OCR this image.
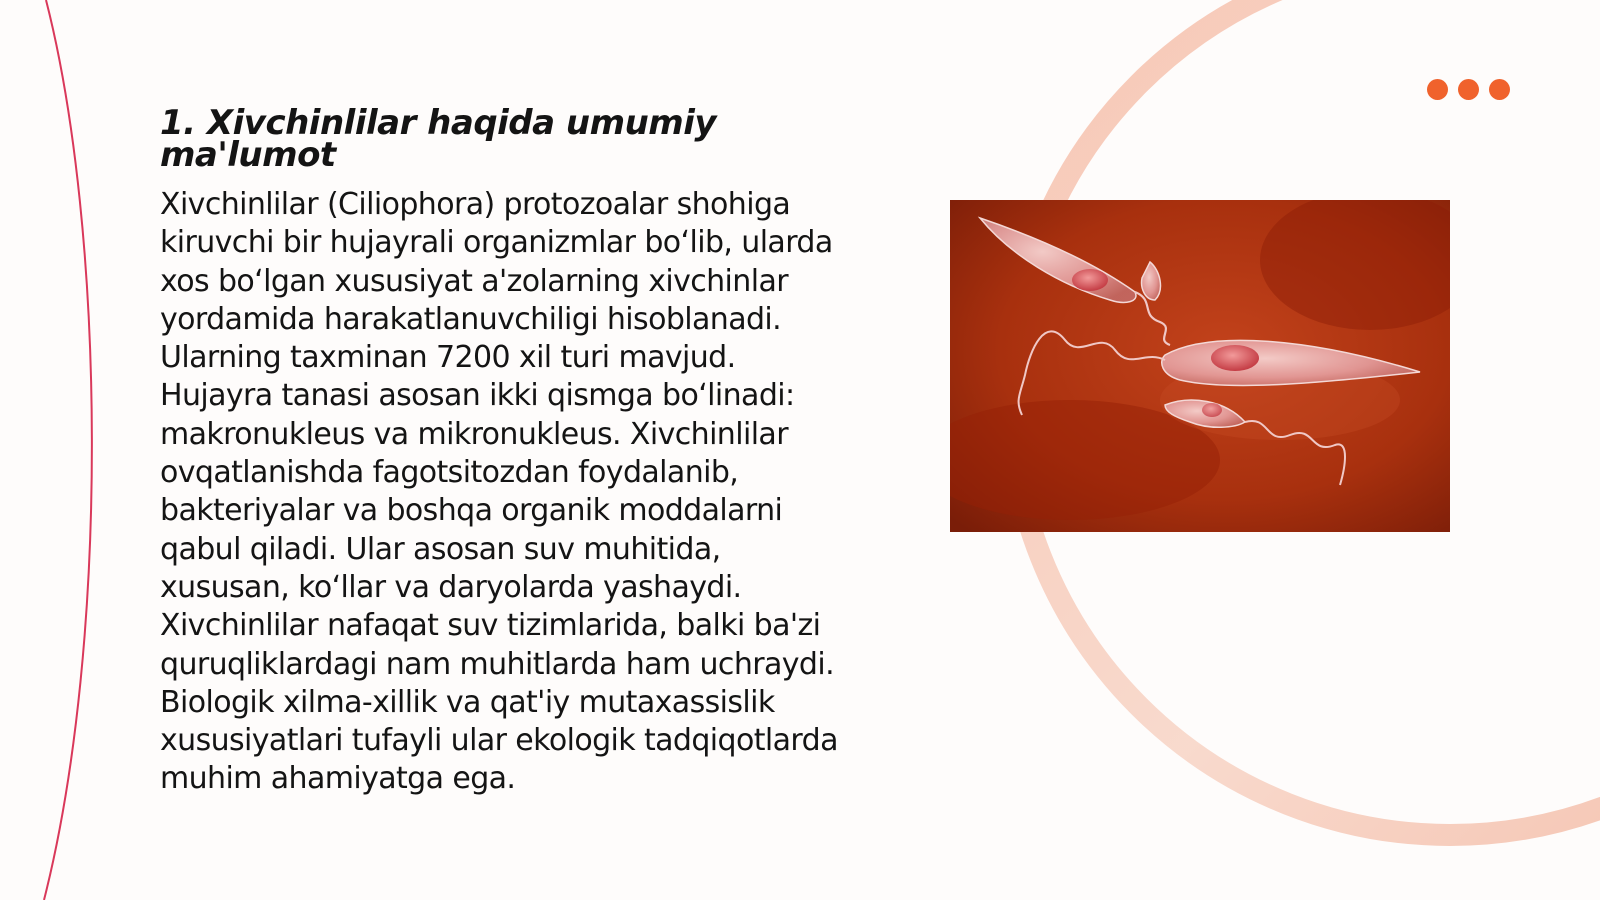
1. Xivchinlilar haqida umumiy ma'lumot

Xivchinlilar (Ciliophora) protozoalar shohiga kiruvchi bir hujayrali organizmlar bo‘lib, ularda xos bo‘lgan xususiyat a'zolarning xivchinlar yordamida harakatlanuvchiligi hisoblanadi. Ularning taxminan 7200 xil turi mavjud. Hujayra tanasi asosan ikki qismga bo‘linadi: makronukleus va mikronukleus. Xivchinlilar ovqatlanishda fagotsitozdan foydalanib, bakteriyalar va boshqa organik moddalarni qabul qiladi. Ular asosan suv muhitida, xususan, ko‘llar va daryolarda yashaydi. Xivchinlilar nafaqat suv tizimlarida, balki ba'zi quruqliklardagi nam muhitlarda ham uchraydi. Biologik xilma-xillik va qat'iy mutaxassislik xususiyatlari tufayli ular ekologik tadqiqotlarda muhim ahamiyatga ega.
